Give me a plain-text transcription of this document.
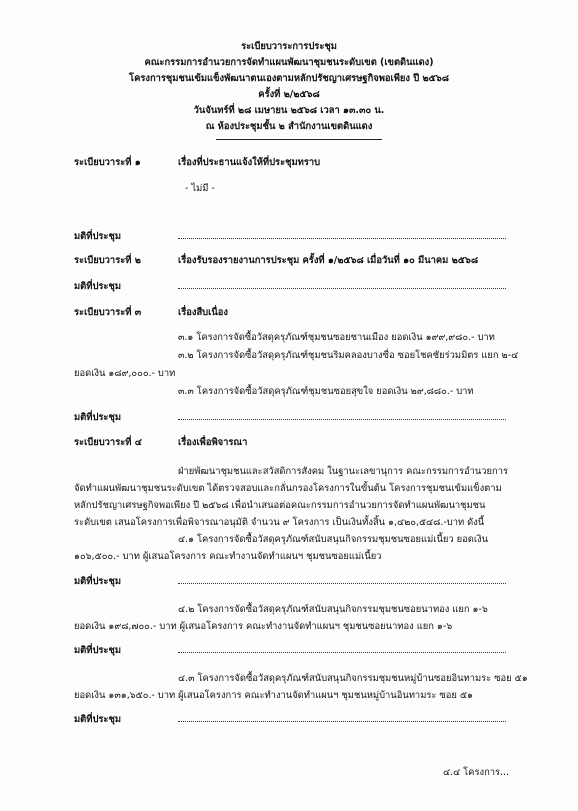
ระเบียบวาระการประชุม
คณะกรรมการอำนวยการจัดทำแผนพัฒนาชุมชนระดับเขต (เขตดินแดง)
โครงการชุมชนเข้มแข็งพัฒนาตนเองตามหลักปรัชญาเศรษฐกิจพอเพียง ปี ๒๕๖๘
ครั้งที่ ๒/๒๕๖๘
วันจันทร์ที่ ๒๘ เมษายน ๒๕๖๘ เวลา ๑๓.๓๐ น.
ณ ห้องประชุมชั้น ๒ สำนักงานเขตดินแดง
ระเบียบวาระที่ ๑	เรื่องที่ประธานแจ้งให้ที่ประชุมทราบ
- ไม่มี -
มติที่ประชุม
ระเบียบวาระที่ ๒	เรื่องรับรองรายงานการประชุม ครั้งที่ ๑/๒๕๖๘ เมื่อวันที่ ๑๐ มีนาคม ๒๕๖๘
มติที่ประชุม
ระเบียบวาระที่ ๓	เรื่องสืบเนื่อง
๓.๑ โครงการจัดซื้อวัสดุครุภัณฑ์ชุมชนซอยชานเมือง ยอดเงิน ๑๙๙,๙๘๐.- บาท
๓.๒ โครงการจัดซื้อวัสดุครุภัณฑ์ชุมชนริมคลองบางซื่อ ซอยโชคชัยร่วมมิตร แยก ๒-๔
ยอดเงิน ๑๘๙,๐๐๐.- บาท
๓.๓ โครงการจัดซื้อวัสดุครุภัณฑ์ชุมชนซอยสุขใจ ยอดเงิน ๒๙,๘๘๐.- บาท
มติที่ประชุม
ระเบียบวาระที่ ๔	เรื่องเพื่อพิจารณา
ฝ่ายพัฒนาชุมชนและสวัสดิการสังคม ในฐานะเลขานุการ คณะกรรมการอำนวยการ
จัดทำแผนพัฒนาชุมชนระดับเขต ได้ตรวจสอบและกลั่นกรองโครงการในขั้นต้น โครงการชุมชนเข้มแข็งตาม
หลักปรัชญาเศรษฐกิจพอเพียง ปี ๒๕๖๘ เพื่อนำเสนอต่อคณะกรรมการอำนวยการจัดทำแผนพัฒนาชุมชน
ระดับเขต เสนอโครงการเพื่อพิจารณาอนุมัติ จำนวน ๙ โครงการ เป็นเงินทั้งสิ้น ๑,๔๒๐,๕๔๘.-บาท ดังนี้
๔.๑ โครงการจัดซื้อวัสดุครุภัณฑ์สนับสนุนกิจกรรมชุมชนซอยแม่เนี้ยว ยอดเงิน
๑๐๖,๕๐๐.- บาท ผู้เสนอโครงการ คณะทำงานจัดทำแผนฯ ชุมชนซอยแม่เนี้ยว
มติที่ประชุม
๔.๒ โครงการจัดซื้อวัสดุครุภัณฑ์สนับสนุนกิจกรรมชุมชนซอยนาทอง แยก ๑-๖
ยอดเงิน ๑๙๘,๗๐๐.- บาท ผู้เสนอโครงการ คณะทำงานจัดทำแผนฯ ชุมชนซอยนาทอง แยก ๑-๖
มติที่ประชุม
๔.๓ โครงการจัดซื้อวัสดุครุภัณฑ์สนับสนุนกิจกรรมชุมชนหมู่บ้านซอยอินทามระ ซอย ๕๑
ยอดเงิน ๑๓๑,๖๕๐.- บาท ผู้เสนอโครงการ คณะทำงานจัดทำแผนฯ ชุมชนหมู่บ้านอินทามระ ซอย ๕๑
มติที่ประชุม
๔.๔ โครงการ...
